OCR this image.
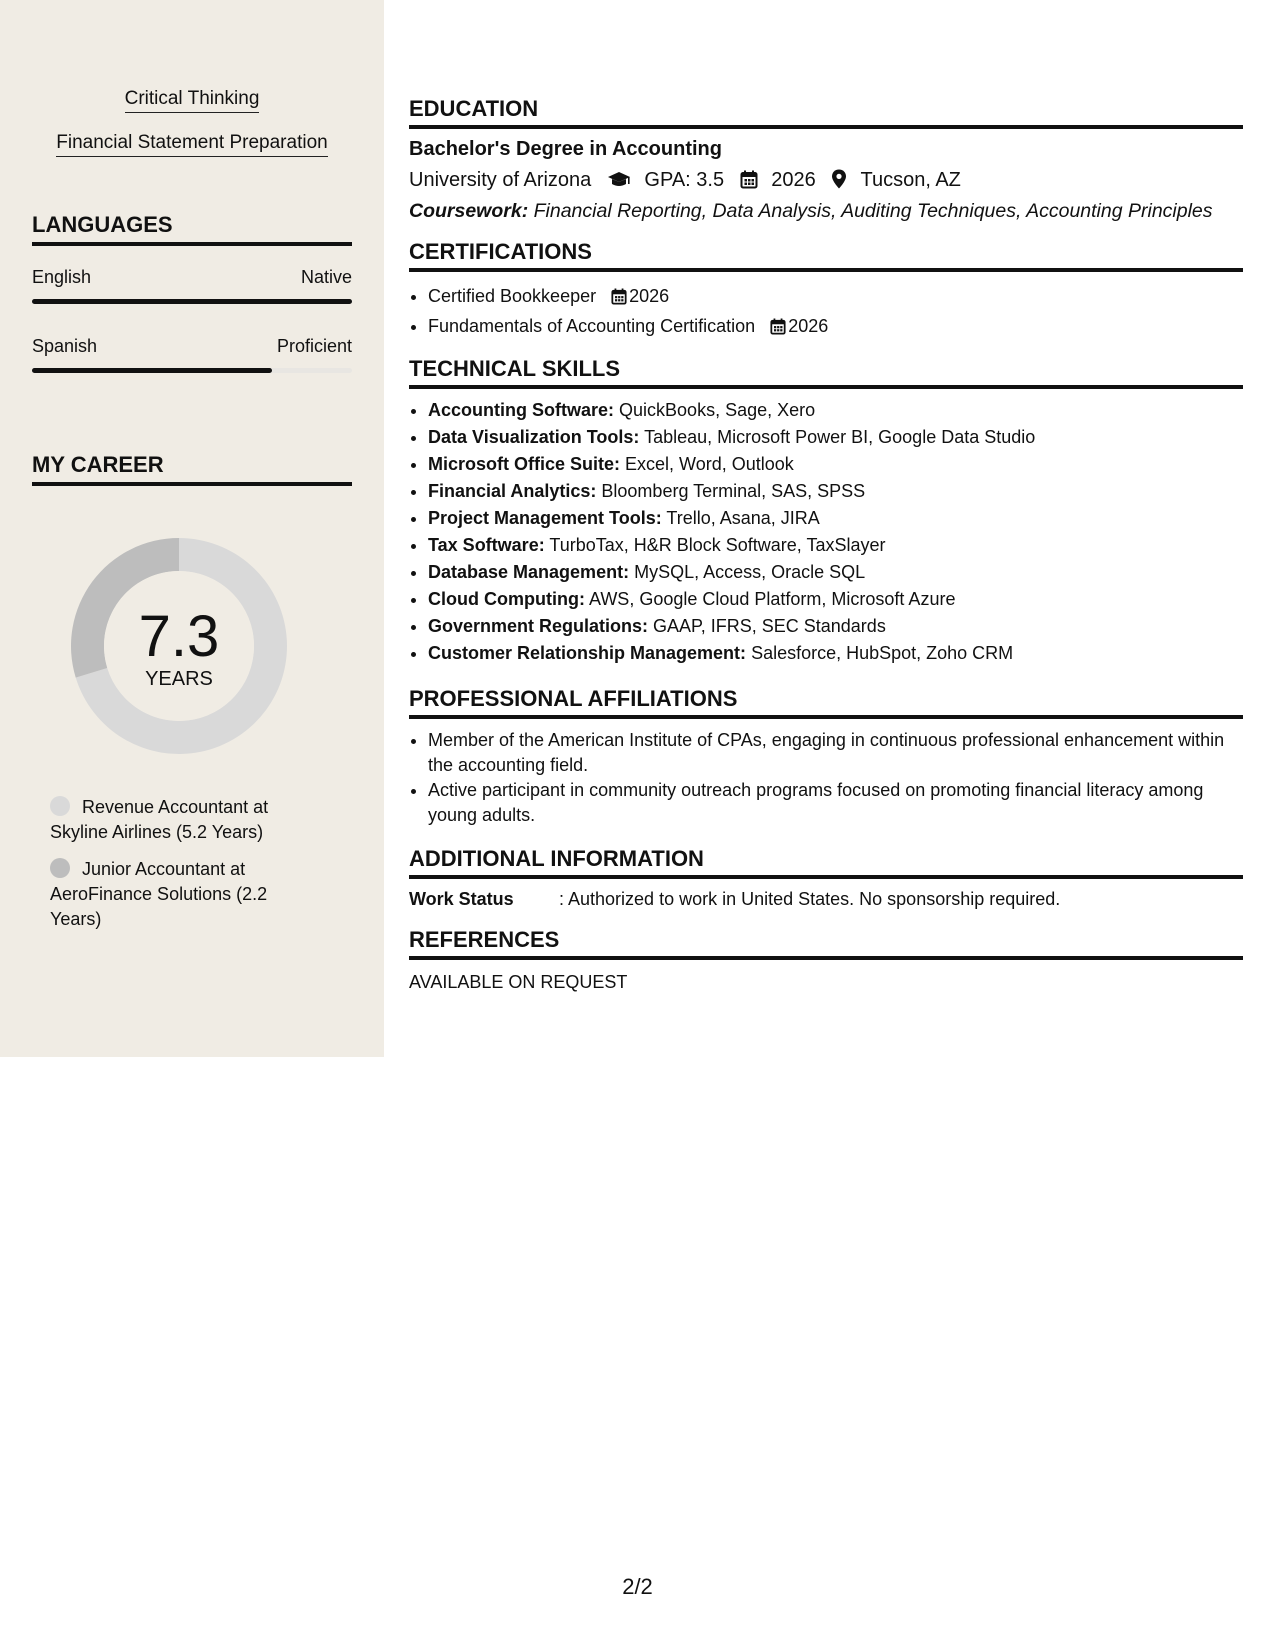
Critical Thinking
Financial Statement Preparation
LANGUAGES
English	Native
Spanish	Proficient
MY CAREER
7.3
YEARS
Revenue Accountant at Skyline Airlines (5.2 Years)
Junior Accountant at AeroFinance Solutions (2.2 Years)
EDUCATION
Bachelor's Degree in Accounting
University of Arizona	GPA: 3.5 2026 Tucson, AZ
Coursework: Financial Reporting, Data Analysis, Auditing Techniques, Accounting Principles
CERTIFICATIONS
• Certified Bookkeeper 2026
• Fundamentals of Accounting Certification 2026
TECHNICAL SKILLS
• Accounting Software: QuickBooks, Sage, Xero
• Data Visualization Tools: Tableau, Microsoft Power BI, Google Data Studio
• Microsoft Office Suite: Excel, Word, Outlook
• Financial Analytics: Bloomberg Terminal, SAS, SPSS
• Project Management Tools: Trello, Asana, JIRA
• Tax Software: TurboTax, H&R Block Software, TaxSlayer
• Database Management: MySQL, Access, Oracle SQL
• Cloud Computing: AWS, Google Cloud Platform, Microsoft Azure
• Government Regulations: GAAP, IFRS, SEC Standards
• Customer Relationship Management: Salesforce, HubSpot, Zoho CRM
PROFESSIONAL AFFILIATIONS
• Member of the American Institute of CPAs, engaging in continuous professional enhancement within the accounting field.
• Active participant in community outreach programs focused on promoting financial literacy among young adults.
ADDITIONAL INFORMATION
Work Status	: Authorized to work in United States. No sponsorship required.
REFERENCES
AVAILABLE ON REQUEST
2/2
